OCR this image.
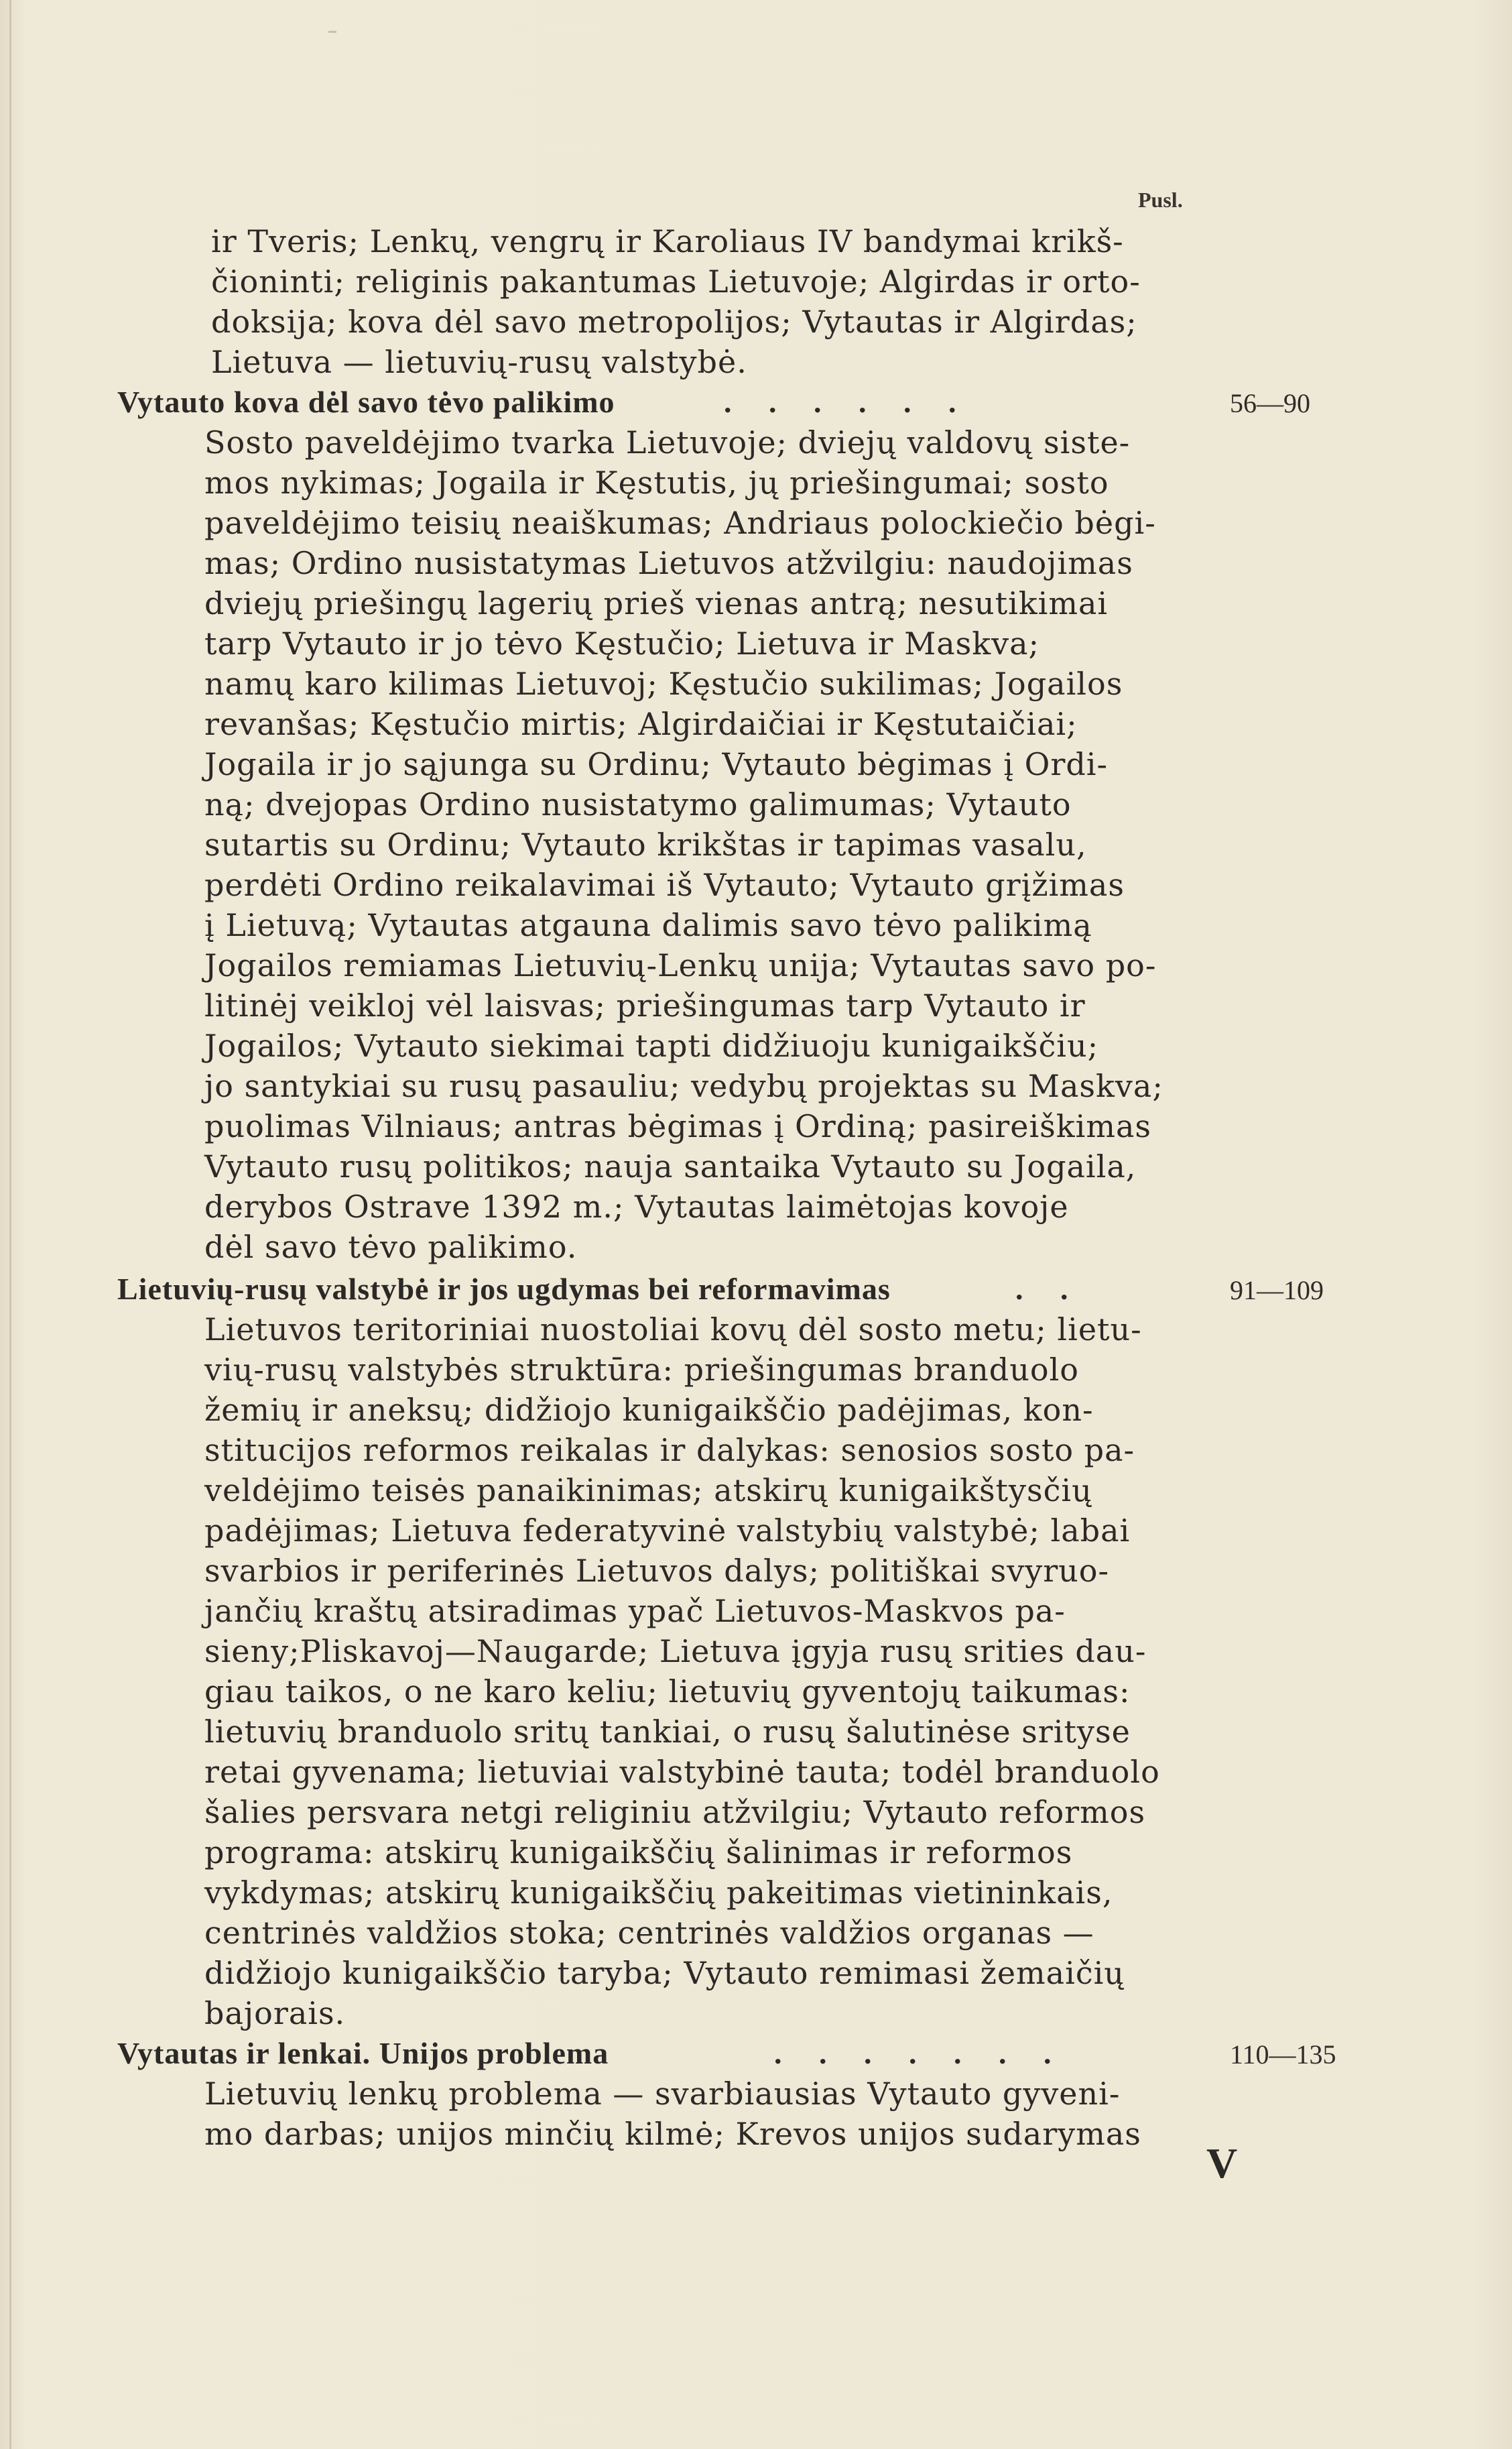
Pusl.
ir Tveris; Lenkų, vengrų ir Karoliaus IV bandymai krikš-
čioninti; religinis pakantumas Lietuvoje; Algirdas ir orto-
doksija; kova dėl savo metropolijos; Vytautas ir Algirdas;
Lietuva — lietuvių-rusų valstybė.
Vytauto kova dėl savo tėvo palikimo	. . . . . .	56—90
Sosto paveldėjimo tvarka Lietuvoje; dviejų valdovų siste-
mos nykimas; Jogaila ir Kęstutis, jų priešingumai; sosto
paveldėjimo teisių neaiškumas; Andriaus polockiečio bėgi-
mas; Ordino nusistatymas Lietuvos atžvilgiu: naudojimas
dviejų priešingų lagerių prieš vienas antrą; nesutikimai
tarp Vytauto ir jo tėvo Kęstučio; Lietuva ir Maskva;
namų karo kilimas Lietuvoj; Kęstučio sukilimas; Jogailos
revanšas; Kęstučio mirtis; Algirdaičiai ir Kęstutaičiai;
Jogaila ir jo sąjunga su Ordinu; Vytauto bėgimas į Ordi-
ną; dvejopas Ordino nusistatymo galimumas; Vytauto
sutartis su Ordinu; Vytauto krikštas ir tapimas vasalu,
perdėti Ordino reikalavimai iš Vytauto; Vytauto grįžimas
į Lietuvą; Vytautas atgauna dalimis savo tėvo palikimą
Jogailos remiamas Lietuvių-Lenkų unija; Vytautas savo po-
litinėj veikloj vėl laisvas; priešingumas tarp Vytauto ir
Jogailos; Vytauto siekimai tapti didžiuoju kunigaikščiu;
jo santykiai su rusų pasauliu; vedybų projektas su Maskva;
puolimas Vilniaus; antras bėgimas į Ordiną; pasireiškimas
Vytauto rusų politikos; nauja santaika Vytauto su Jogaila,
derybos Ostrave 1392 m.; Vytautas laimėtojas kovoje
dėl savo tėvo palikimo.
Lietuvių-rusų valstybė ir jos ugdymas bei reformavimas	. .	91—109
Lietuvos teritoriniai nuostoliai kovų dėl sosto metu; lietu-
vių-rusų valstybės struktūra: priešingumas branduolo
žemių ir aneksų; didžiojo kunigaikščio padėjimas, kon-
stitucijos reformos reikalas ir dalykas: senosios sosto pa-
veldėjimo teisės panaikinimas; atskirų kunigaikštysčių
padėjimas; Lietuva federatyvinė valstybių valstybė; labai
svarbios ir periferinės Lietuvos dalys; politiškai svyruo-
jančių kraštų atsiradimas ypač Lietuvos-Maskvos pa-
sieny;Pliskavoj—Naugarde; Lietuva įgyja rusų srities dau-
giau taikos, o ne karo keliu; lietuvių gyventojų taikumas:
lietuvių branduolo sritų tankiai, o rusų šalutinėse srityse
retai gyvenama; lietuviai valstybinė tauta; todėl branduolo
šalies persvara netgi religiniu atžvilgiu; Vytauto reformos
programa: atskirų kunigaikščių šalinimas ir reformos
vykdymas; atskirų kunigaikščių pakeitimas vietininkais,
centrinės valdžios stoka; centrinės valdžios organas —
didžiojo kunigaikščio taryba; Vytauto remimasi žemaičių
bajorais.
Vytautas ir lenkai. Unijos problema	. . . . . . .	110—135
Lietuvių lenkų problema — svarbiausias Vytauto gyveni-
mo darbas; unijos minčių kilmė; Krevos unijos sudarymas
V
